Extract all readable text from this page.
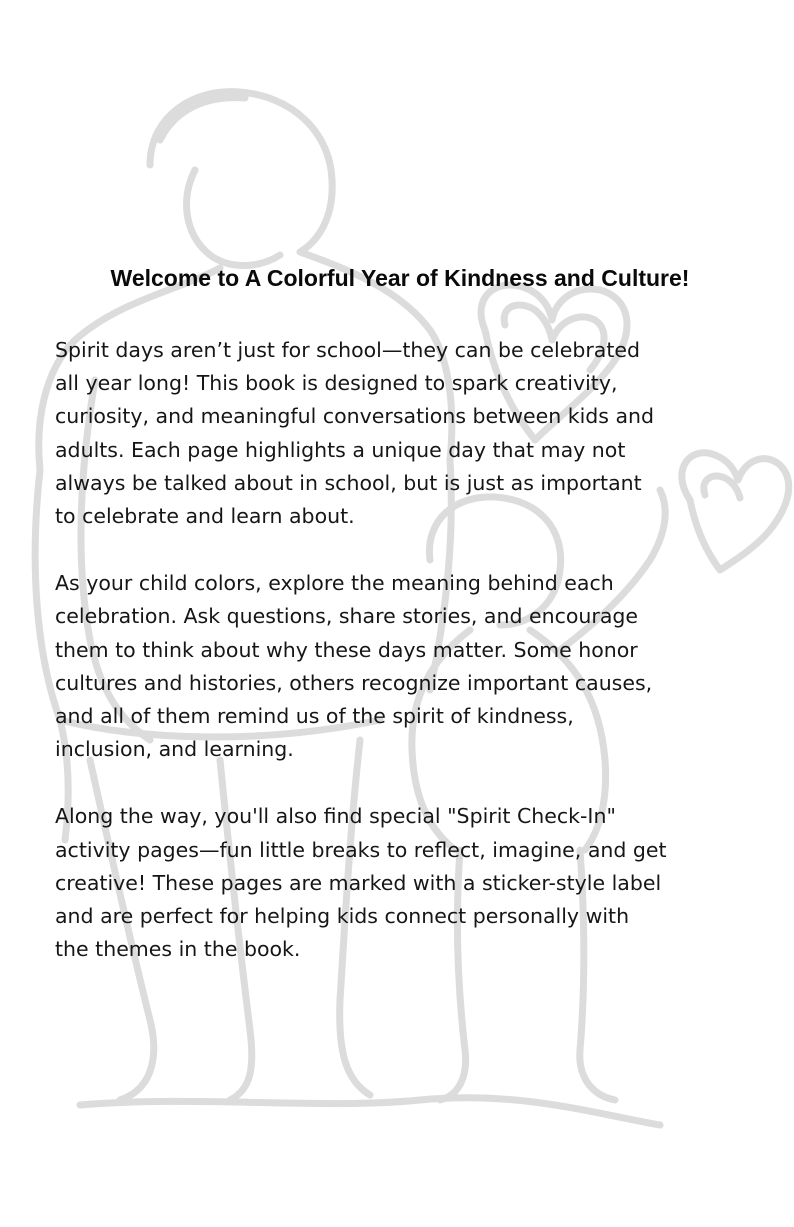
Welcome to A Colorful Year of Kindness and Culture!

Spirit days aren’t just for school—they can be celebrated
all year long! This book is designed to spark creativity,
curiosity, and meaningful conversations between kids and
adults. Each page highlights a unique day that may not
always be talked about in school, but is just as important
to celebrate and learn about.

As your child colors, explore the meaning behind each
celebration. Ask questions, share stories, and encourage
them to think about why these days matter. Some honor
cultures and histories, others recognize important causes,
and all of them remind us of the spirit of kindness,
inclusion, and learning.

Along the way, you'll also find special "Spirit Check-In"
activity pages—fun little breaks to reflect, imagine, and get
creative! These pages are marked with a sticker-style label
and are perfect for helping kids connect personally with
the themes in the book.
